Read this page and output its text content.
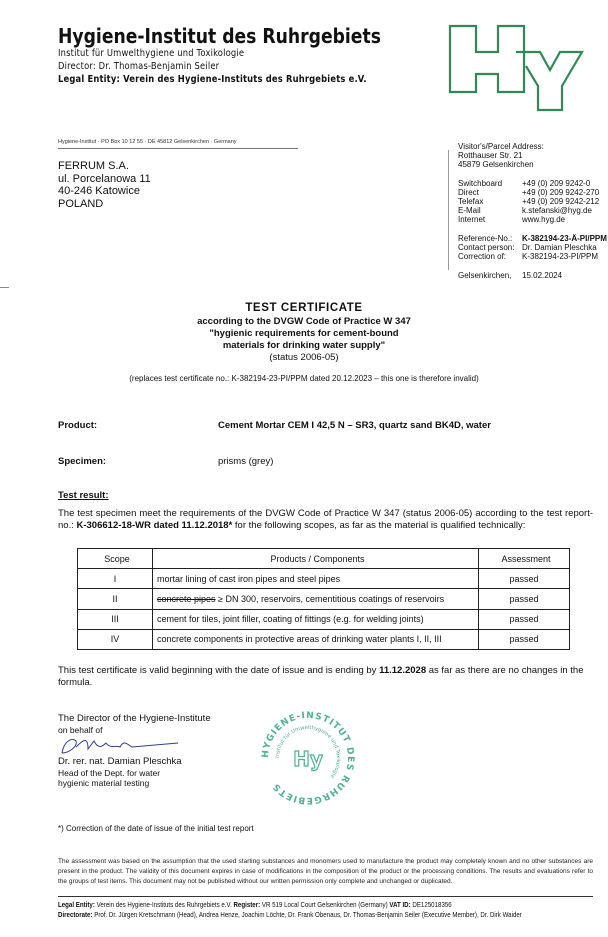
Hygiene-Institut des Ruhrgebiets
Institut für Umwelthygiene und Toxikologie
Director: Dr. Thomas-Benjamin Seiler
Legal Entity: Verein des Hygiene-Instituts des Ruhrgebiets e.V.
Hygiene-Institut · PO Box 10 12 55 · DE 45812 Gelsenkirchen · Germany
FERRUM S.A.
ul. Porcelanowa 11
40-246 Katowice
POLAND
Visitor's/Parcel Address:
Rotthauser Str. 21
45879 Gelsenkirchen
Switchboard	+49 (0) 209 9242-0
Direct	+49 (0) 209 9242-270
Telefax	+49 (0) 209 9242-212
E-Mail	k.stefanski@hyg.de
Internet	www.hyg.de
Reference-No.:	K-382194-23-Ä-PI/PPM
Contact person: Dr. Damian Pleschka
Correction of:	K-382194-23-PI/PPM
Gelsenkirchen,	15.02.2024
TEST CERTIFICATE
according to the DVGW Code of Practice W 347
"hygienic requirements for cement-bound
materials for drinking water supply"
(status 2006-05)
(replaces test certificate no.: K-382194-23-PI/PPM dated 20.12.2023 – this one is therefore invalid)
Product:	Cement Mortar CEM I 42,5 N – SR3, quartz sand BK4D, water
Specimen:	prisms (grey)
Test result:
The test specimen meet the requirements of the DVGW Code of Practice W 347 (status 2006-05) according to the test report-no.: K-306612-18-WR dated 11.12.2018* for the following scopes, as far as the material is qualified technically:
Scope	Products / Components	Assessment
I	mortar lining of cast iron pipes and steel pipes	passed
II	concrete pipes ≥ DN 300, reservoirs, cementitious coatings of reservoirs	passed
III	cement for tiles, joint filler, coating of fittings (e.g. for welding joints)	passed
IV	concrete components in protective areas of drinking water plants I, II, III	passed
This test certificate is valid beginning with the date of issue and is ending by 11.12.2028 as far as there are no changes in the formula.
The Director of the Hygiene-Institute
on behalf of
Dr. rer. nat. Damian Pleschka
Head of the Dept. for water
hygienic material testing
HYGIENE-INSTITUT DES RUHRGEBIETS
Institut für Umwelthygiene und Toxikologie
Hy
*) Correction of the date of issue of the initial test report
The assessment was based on the assumption that the used starting substances and monomers used to manufacture the product may completely known and no other substances are present in the product. The validity of this document expires in case of modifications in the composition of the product or the processing conditions. The results and evaluations refer to the groups of test items. This document may not be published without our written permission only complete and unchanged or duplicated.
Legal Entity: Verein des Hygiene-Instituts des Ruhrgebiets e.V. Register: VR 519 Local Court Gelsenkirchen (Germany) VAT ID: DE125018356
Directorate: Prof. Dr. Jürgen Kretschmann (Head), Andrea Henze, Joachim Löchte, Dr. Frank Obenaus, Dr. Thomas-Benjamin Seiler (Executive Member), Dr. Dirk Waider
